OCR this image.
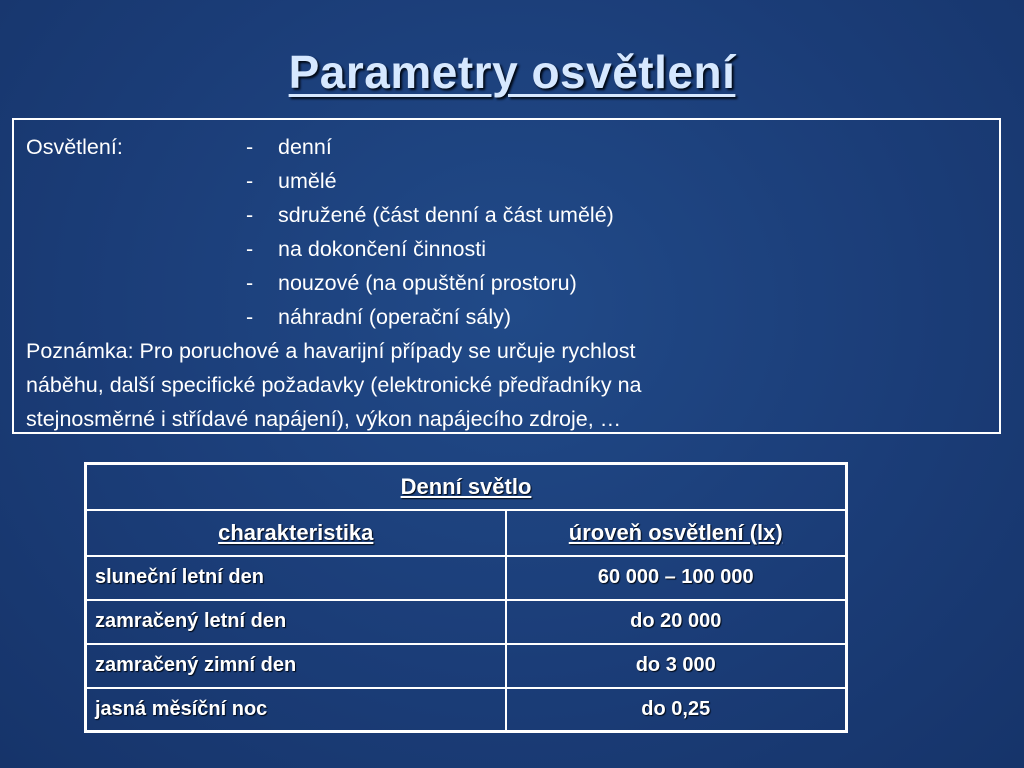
Parametry osvětlení
Osvětlení:	-	denní
-	umělé
-	sdružené (část denní a část umělé)
-	na dokončení činnosti
-	nouzové (na opuštění prostoru)
-	náhradní (operační sály)
Poznámka: Pro poruchové a havarijní případy se určuje rychlost
náběhu, další specifické požadavky (elektronické předřadníky na
stejnosměrné i střídavé napájení), výkon napájecího zdroje, …
Denní světlo	
charakteristika	úroveň osvětlení (lx)
sluneční letní den	60 000 – 100 000
zamračený letní den	do 20 000
zamračený zimní den	do 3 000
jasná měsíční noc	do 0,25
